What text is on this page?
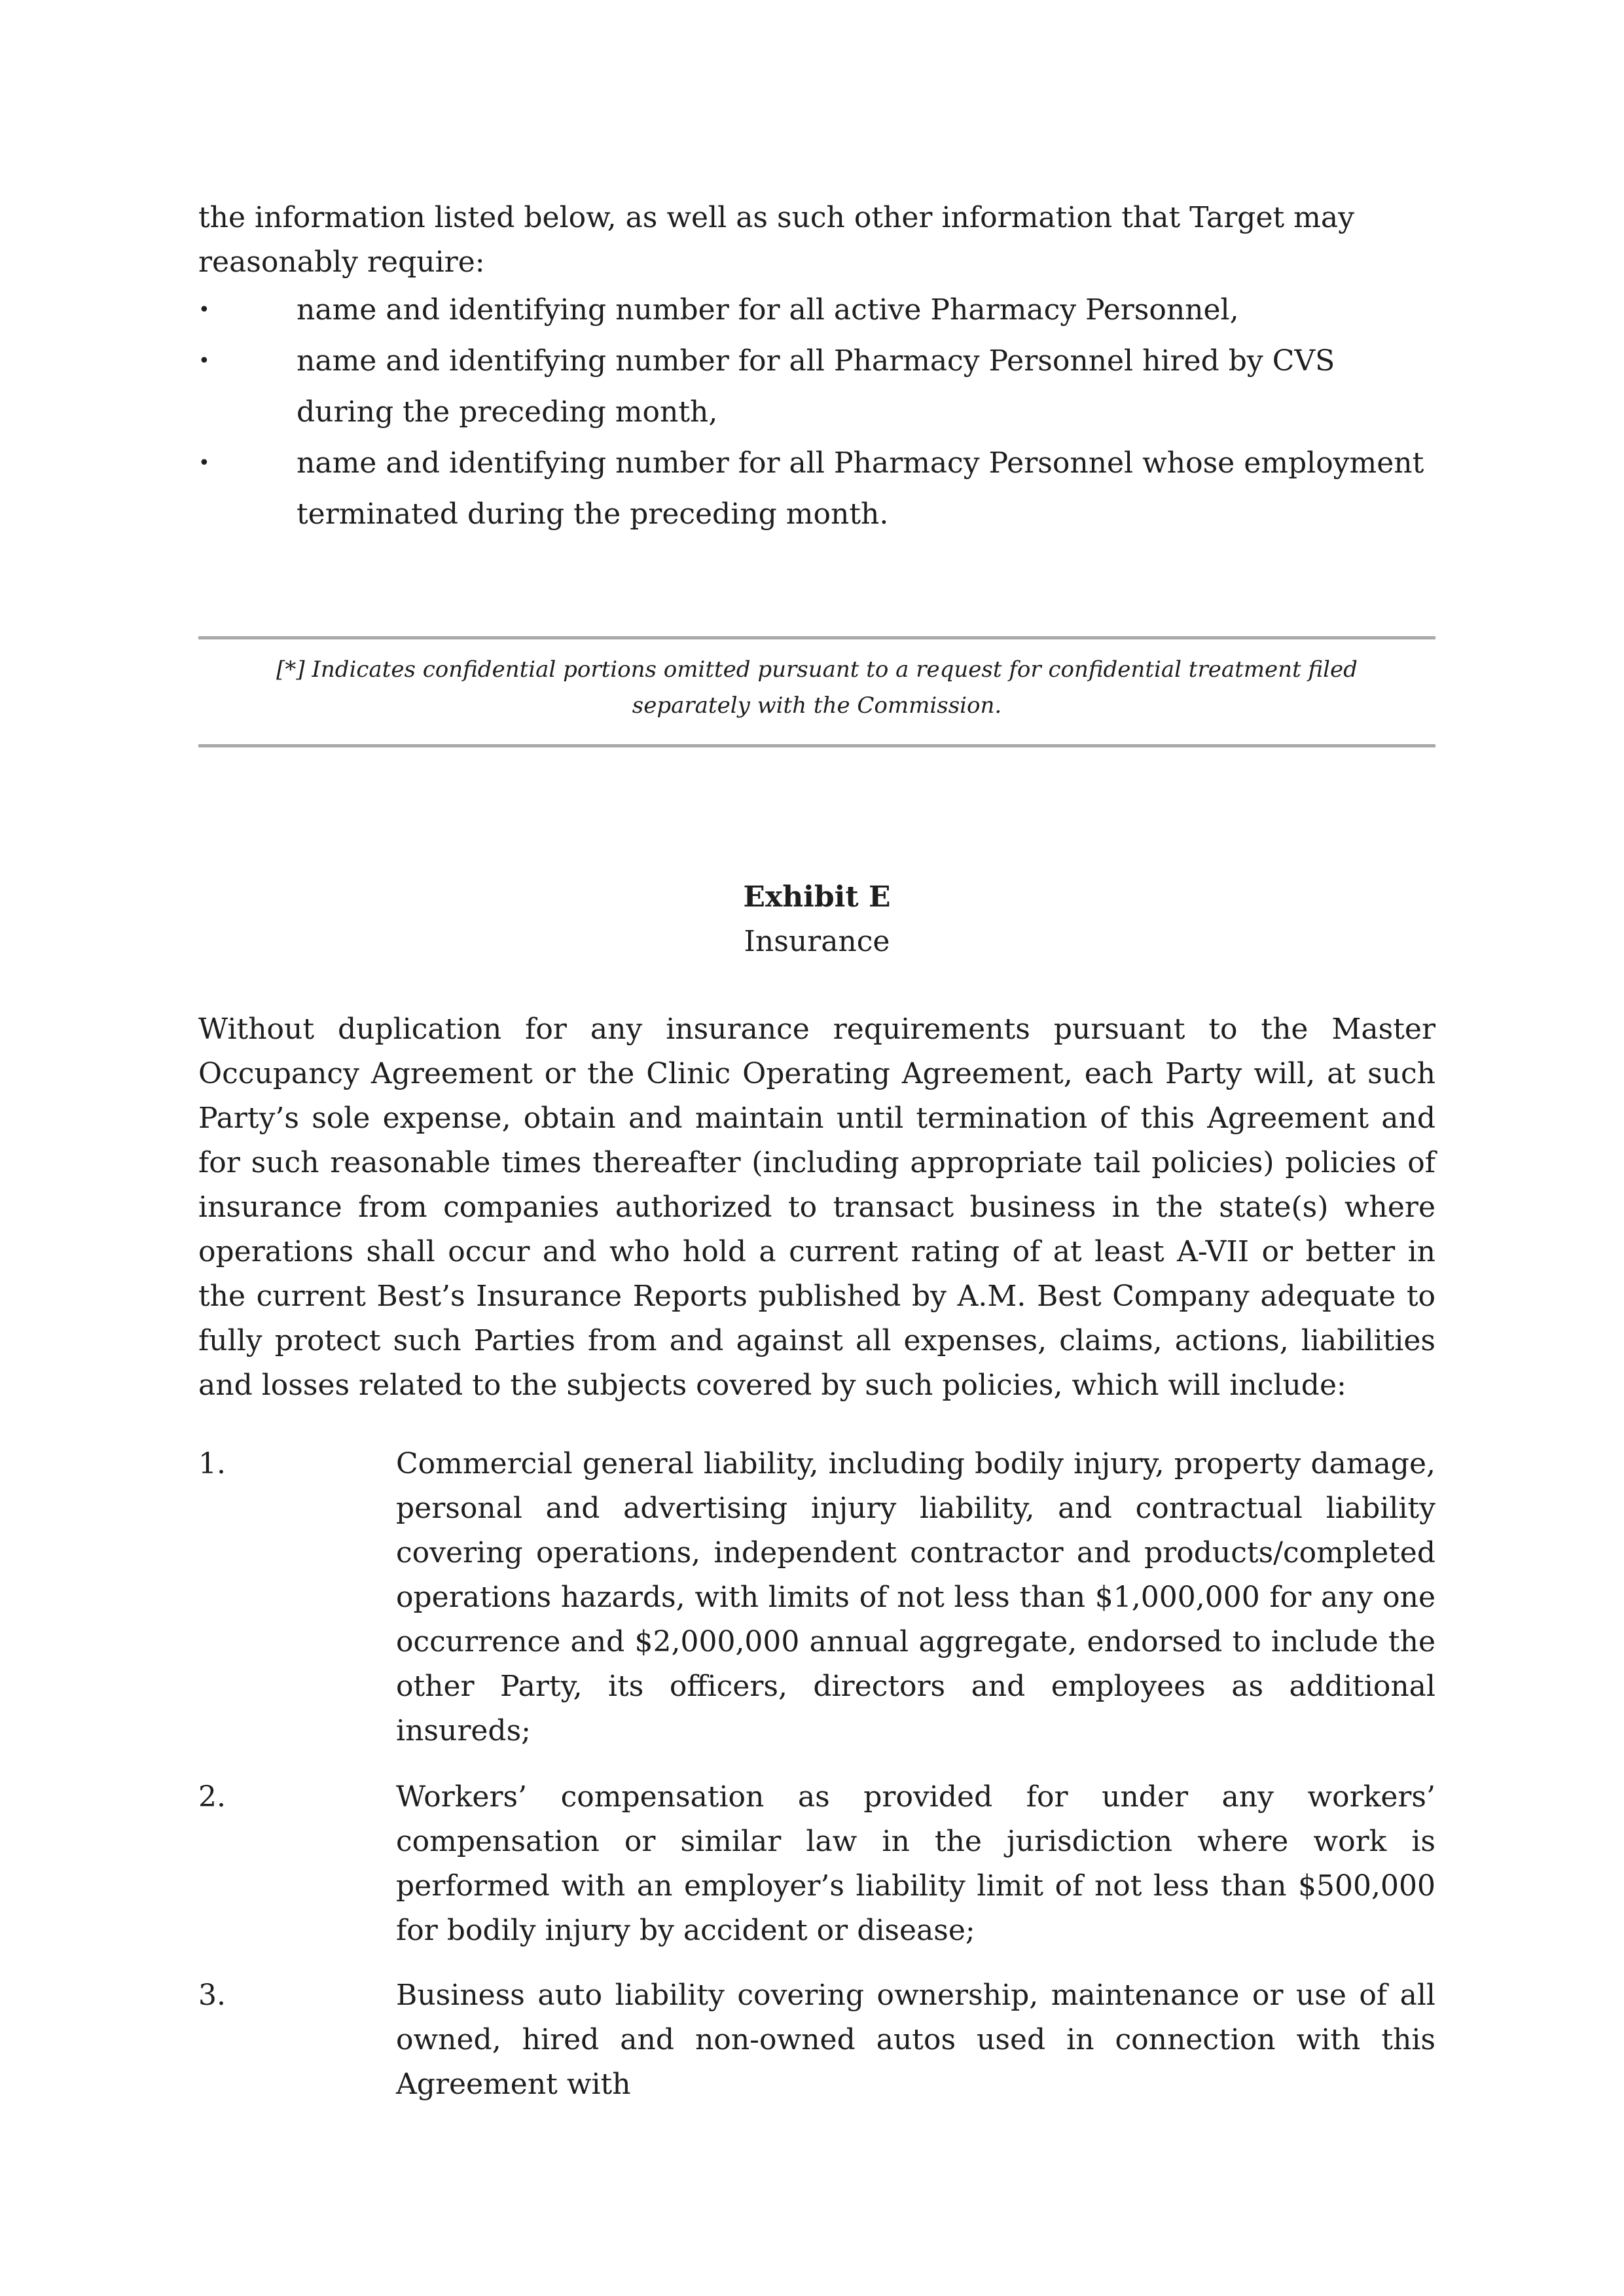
the information listed below, as well as such other information that Target may reasonably require:

•	name and identifying number for all active Pharmacy Personnel,
•	name and identifying number for all Pharmacy Personnel hired by CVS during the preceding month,
•	name and identifying number for all Pharmacy Personnel whose employment terminated during the preceding month.
[*] Indicates confidential portions omitted pursuant to a request for confidential treatment filed
separately with the Commission.
Exhibit E
Insurance

Without duplication for any insurance requirements pursuant to the Master Occupancy Agreement or the Clinic Operating Agreement, each Party will, at such Party’s sole expense, obtain and maintain until termination of this Agreement and for such reasonable times thereafter (including appropriate tail policies) policies of insurance from companies authorized to transact business in the state(s) where operations shall occur and who hold a current rating of at least A-VII or better in the current Best’s Insurance Reports published by A.M. Best Company adequate to fully protect such Parties from and against all expenses, claims, actions, liabilities and losses related to the subjects covered by such policies, which will include:

1.	Commercial general liability, including bodily injury, property damage, personal and advertising injury liability, and contractual liability covering operations, independent contractor and products/completed operations hazards, with limits of not less than $1,000,000 for any one occurrence and $2,000,000 annual aggregate, endorsed to include the other Party, its officers, directors and employees as additional insureds;

2.	Workers’ compensation as provided for under any workers’ compensation or similar law in the jurisdiction where work is performed with an employer’s liability limit of not less than $500,000 for bodily injury by accident or disease;

3.	Business auto liability covering ownership, maintenance or use of all owned, hired and non-owned autos used in connection with this Agreement with
